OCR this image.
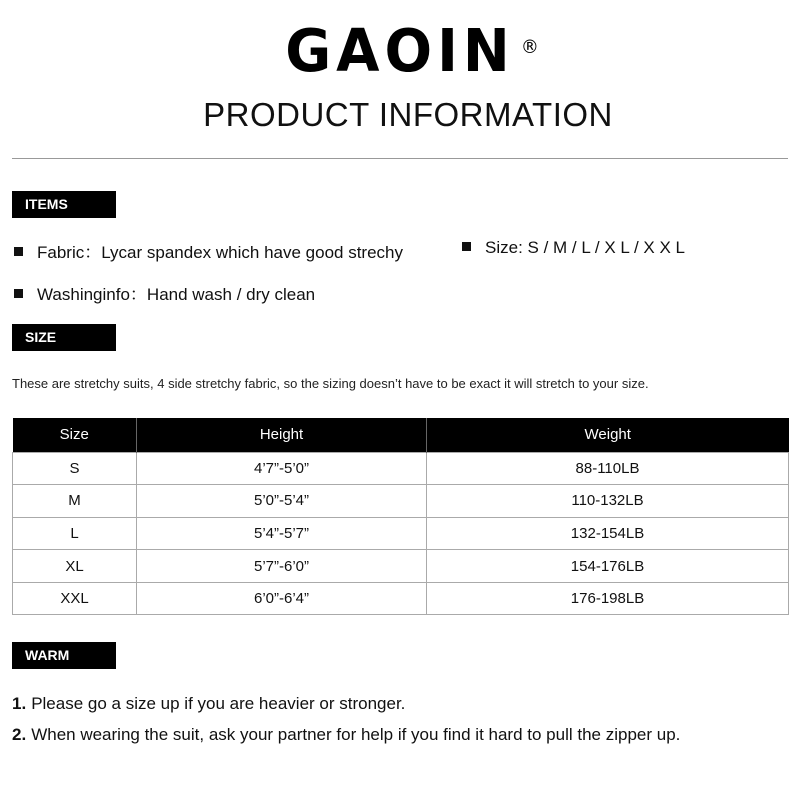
GAOIN ®
PRODUCT INFORMATION
ITEMS INFO
Fabric：Lycar spandex which have good strechy	Size: S / M / L / X L / X X L
Washinginfo：Hand wash / dry clean
SIZE CHART
These are stretchy suits, 4 side stretchy fabric, so the sizing doesn’t have to be exact it will stretch to your size.
Size	Height	Weight
S	4’7”-5’0”	88-110LB
M	5’0”-5’4”	110-132LB
L	5’4”-5’7”	132-154LB
XL	5’7”-6’0”	154-176LB
XXL	6’0”-6’4”	176-198LB
WARM TIPS
1. Please go a size up if you are heavier or stronger.
2. When wearing the suit, ask your partner for help if you find it hard to pull the zipper up.
